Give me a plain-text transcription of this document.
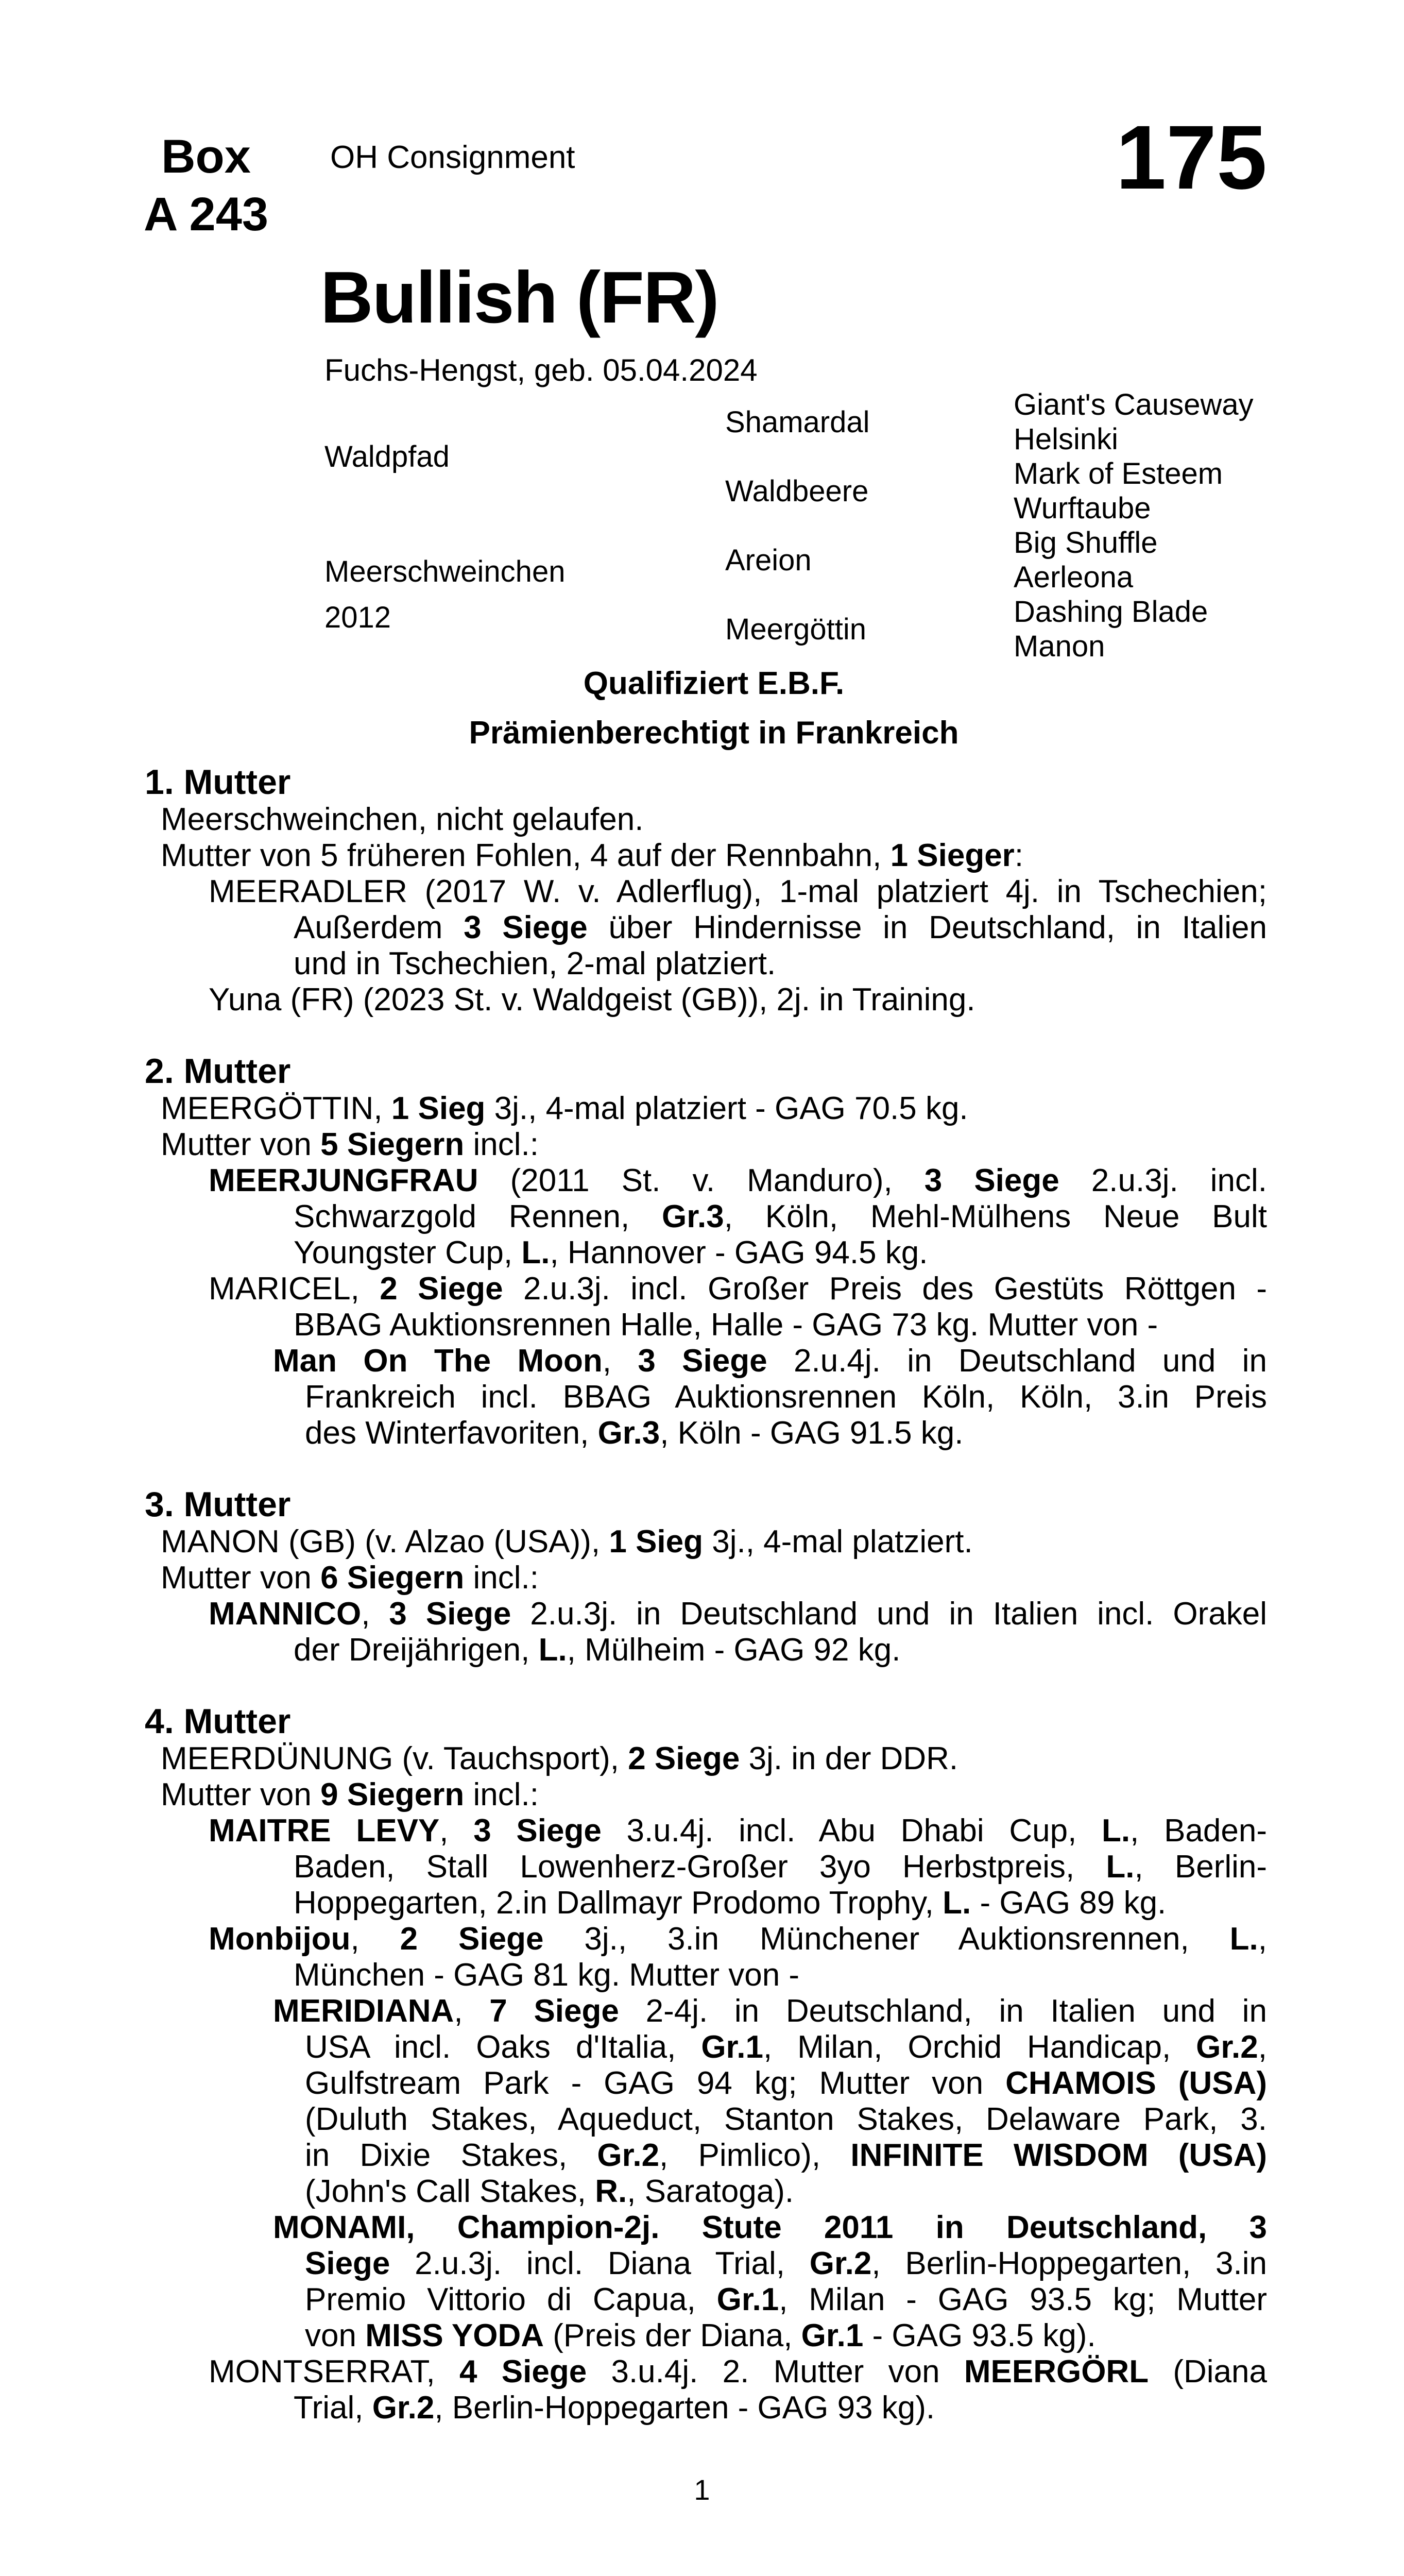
Box
A 243
OH Consignment	175
Bullish (FR)
Fuchs-Hengst, geb. 05.04.2024
Waldpfad
Shamardal
Giant's Causeway
Helsinki
Waldbeere
Mark of Esteem
Wurftaube
Meerschweinchen
2012
Areion
Big Shuffle
Aerleona
Meergöttin
Dashing Blade
Manon
Qualifiziert E.B.F.
Prämienberechtigt in Frankreich
1. Mutter
Meerschweinchen, nicht gelaufen.
Mutter von 5 früheren Fohlen, 4 auf der Rennbahn, 1 Sieger:
MEERADLER (2017 W. v. Adlerflug), 1-mal platziert 4j. in Tschechien;
Außerdem 3 Siege über Hindernisse in Deutschland, in Italien
und in Tschechien, 2-mal platziert.
Yuna (FR) (2023 St. v. Waldgeist (GB)), 2j. in Training.
2. Mutter
MEERGÖTTIN, 1 Sieg 3j., 4-mal platziert - GAG 70.5 kg.
Mutter von 5 Siegern incl.:
MEERJUNGFRAU (2011 St. v. Manduro), 3 Siege 2.u.3j. incl.
Schwarzgold Rennen, Gr.3, Köln, Mehl-Mülhens Neue Bult
Youngster Cup, L., Hannover - GAG 94.5 kg.
MARICEL, 2 Siege 2.u.3j. incl. Großer Preis des Gestüts Röttgen -
BBAG Auktionsrennen Halle, Halle - GAG 73 kg. Mutter von -
Man On The Moon, 3 Siege 2.u.4j. in Deutschland und in
Frankreich incl. BBAG Auktionsrennen Köln, Köln, 3.in Preis
des Winterfavoriten, Gr.3, Köln - GAG 91.5 kg.
3. Mutter
MANON (GB) (v. Alzao (USA)), 1 Sieg 3j., 4-mal platziert.
Mutter von 6 Siegern incl.:
MANNICO, 3 Siege 2.u.3j. in Deutschland und in Italien incl. Orakel
der Dreijährigen, L., Mülheim - GAG 92 kg.
4. Mutter
MEERDÜNUNG (v. Tauchsport), 2 Siege 3j. in der DDR.
Mutter von 9 Siegern incl.:
MAITRE LEVY, 3 Siege 3.u.4j. incl. Abu Dhabi Cup, L., Baden-
Baden, Stall Lowenherz-Großer 3yo Herbstpreis, L., Berlin-
Hoppegarten, 2.in Dallmayr Prodomo Trophy, L. - GAG 89 kg.
Monbijou, 2 Siege 3j., 3.in Münchener Auktionsrennen, L.,
München - GAG 81 kg. Mutter von -
MERIDIANA, 7 Siege 2-4j. in Deutschland, in Italien und in
USA incl. Oaks d'Italia, Gr.1, Milan, Orchid Handicap, Gr.2,
Gulfstream Park - GAG 94 kg; Mutter von CHAMOIS (USA)
(Duluth Stakes, Aqueduct, Stanton Stakes, Delaware Park, 3.
in Dixie Stakes, Gr.2, Pimlico), INFINITE WISDOM (USA)
(John's Call Stakes, R., Saratoga).
MONAMI, Champion-2j. Stute 2011 in Deutschland, 3
Siege 2.u.3j. incl. Diana Trial, Gr.2, Berlin-Hoppegarten, 3.in
Premio Vittorio di Capua, Gr.1, Milan - GAG 93.5 kg; Mutter
von MISS YODA (Preis der Diana, Gr.1 - GAG 93.5 kg).
MONTSERRAT, 4 Siege 3.u.4j. 2. Mutter von MEERGÖRL (Diana
Trial, Gr.2, Berlin-Hoppegarten - GAG 93 kg).
1
